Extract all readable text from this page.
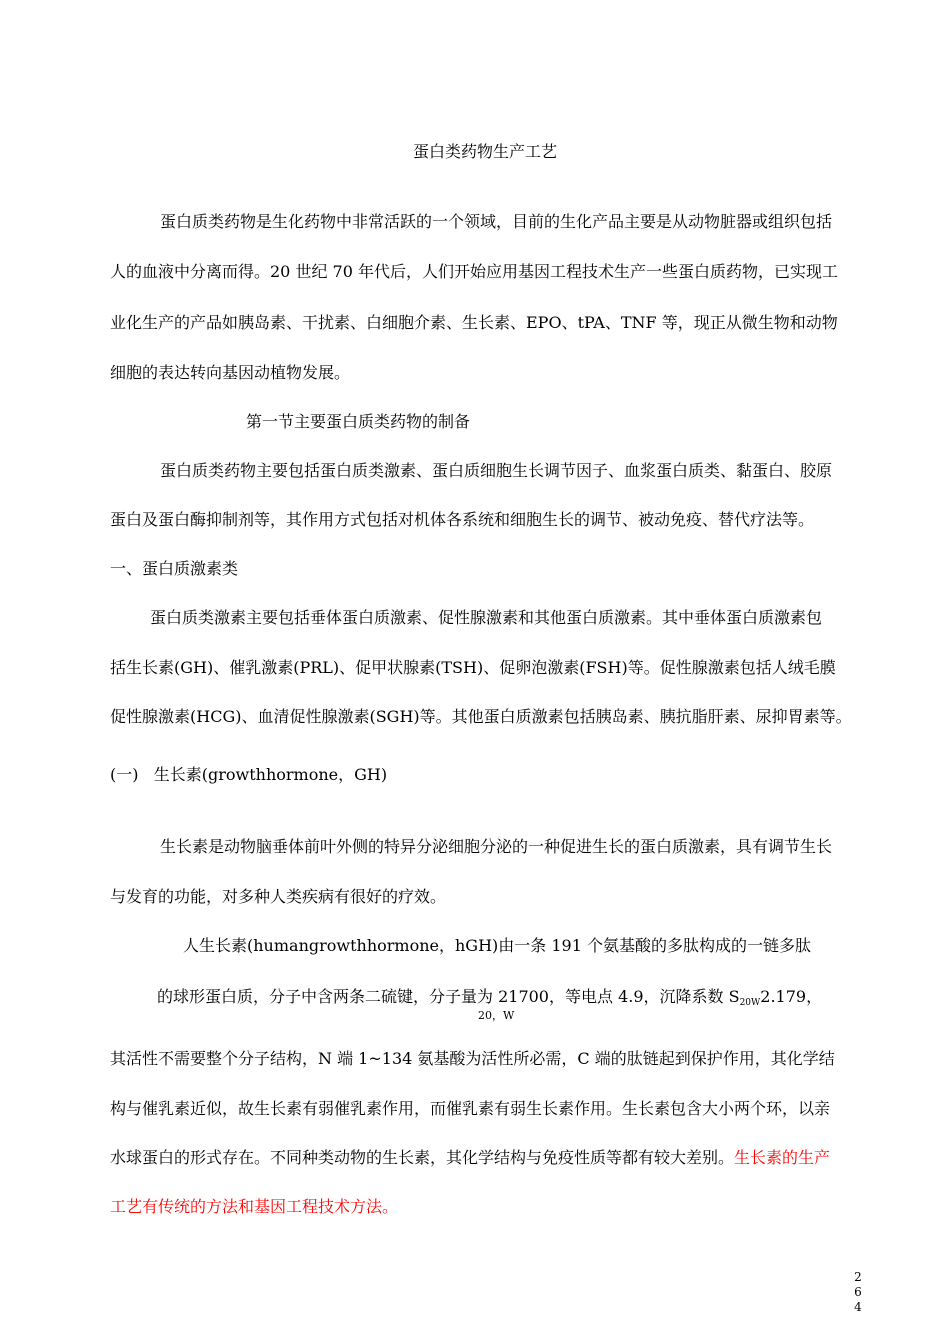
蛋白类药物生产工艺
蛋白质类药物是生化药物中非常活跃的一个领域，目前的生化产品主要是从动物脏器或组织包括
人的血液中分离而得。20 世纪 70 年代后，人们开始应用基因工程技术生产一些蛋白质药物，已实现工
业化生产的产品如胰岛素、干扰素、白细胞介素、生长素、EPO、tPA、TNF 等，现正从微生物和动物
细胞的表达转向基因动植物发展。
第一节主要蛋白质类药物的制备
蛋白质类药物主要包括蛋白质类激素、蛋白质细胞生长调节因子、血浆蛋白质类、黏蛋白、胶原
蛋白及蛋白酶抑制剂等，其作用方式包括对机体各系统和细胞生长的调节、被动免疫、替代疗法等。
一、蛋白质激素类
蛋白质类激素主要包括垂体蛋白质激素、促性腺激素和其他蛋白质激素。其中垂体蛋白质激素包
括生长素(GH)、催乳激素(PRL)、促甲状腺素(TSH)、促卵泡激素(FSH)等。促性腺激素包括人绒毛膜
促性腺激素(HCG)、血清促性腺激素(SGH)等。其他蛋白质激素包括胰岛素、胰抗脂肝素、尿抑胃素等。
(一) 生长素(growthhormone，GH)
生长素是动物脑垂体前叶外侧的特异分泌细胞分泌的一种促进生长的蛋白质激素，具有调节生长
与发育的功能，对多种人类疾病有很好的疗效。
人生长素(humangrowthhormone，hGH)由一条 191 个氨基酸的多肽构成的一链多肽
的球形蛋白质，分子中含两条二硫键，分子量为 21700，等电点 4.9，沉降系数 $S_{20W}2.179$，
20，W
其活性不需要整个分子结构，N 端 1~134 氨基酸为活性所必需，C 端的肽链起到保护作用，其化学结
构与催乳素近似，故生长素有弱催乳素作用，而催乳素有弱生长素作用。生长素包含大小两个环，以亲
水球蛋白的形式存在。不同种类动物的生长素，其化学结构与免疫性质等都有较大差别。生长素的生产
工艺有传统的方法和基因工程技术方法。
2
6
4
